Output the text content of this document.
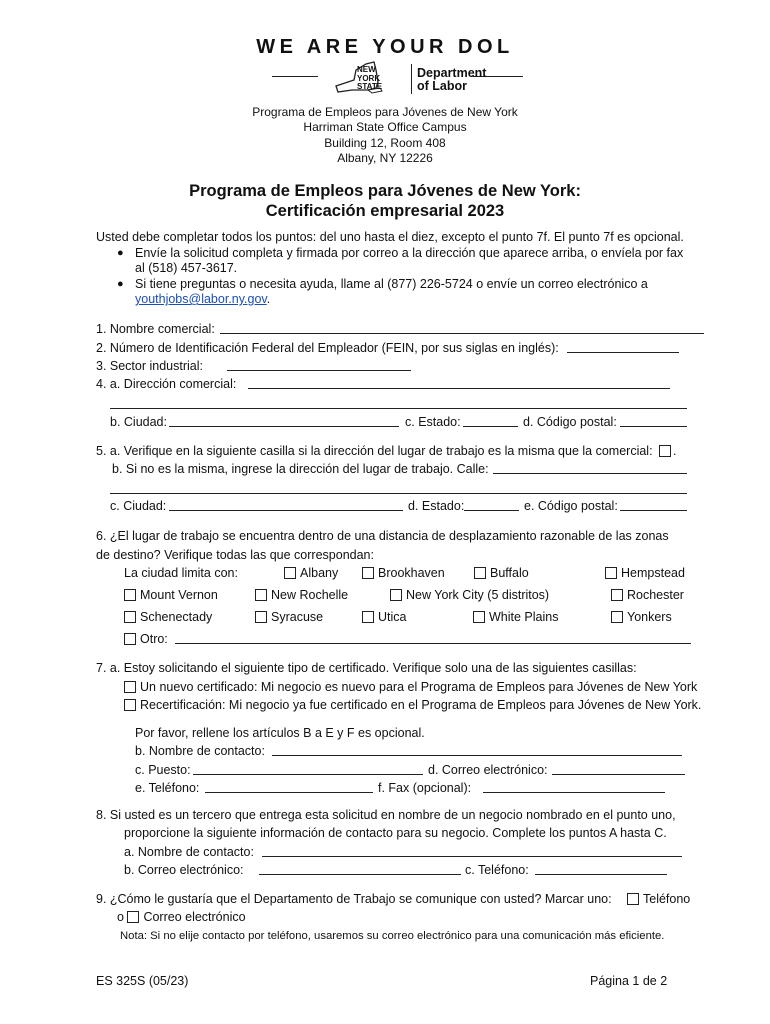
WE ARE YOUR DOL
NEW
YORK
STATE
Department
of Labor
Programa de Empleos para Jóvenes de New York
Harriman State Office Campus
Building 12, Room 408
Albany, NY 12226
Programa de Empleos para Jóvenes de New York:
Certificación empresarial 2023
Usted debe completar todos los puntos: del uno hasta el diez, excepto el punto 7f. El punto 7f es opcional.
● Envíe la solicitud completa y firmada por correo a la dirección que aparece arriba, o envíela por fax
al (518) 457-3617.
● Si tiene preguntas o necesita ayuda, llame al (877) 226-5724 o envíe un correo electrónico a
youthjobs@labor.ny.gov.
1. Nombre comercial:
2. Número de Identificación Federal del Empleador (FEIN, por sus siglas en inglés):
3. Sector industrial:
4. a. Dirección comercial:
b. Ciudad:	c. Estado:	d. Código postal:
5. a. Verifique en la siguiente casilla si la dirección del lugar de trabajo es la misma que la comercial: .
b. Si no es la misma, ingrese la dirección del lugar de trabajo. Calle:
c. Ciudad:	d. Estado:	e. Código postal:
6. ¿El lugar de trabajo se encuentra dentro de una distancia de desplazamiento razonable de las zonas
de destino? Verifique todas las que correspondan:
La ciudad limita con:	Albany	Brookhaven	Buffalo	Hempstead
Mount Vernon	New Rochelle	New York City (5 distritos)	Rochester
Schenectady	Syracuse	Utica	White Plains	Yonkers
Otro:
7. a. Estoy solicitando el siguiente tipo de certificado. Verifique solo una de las siguientes casillas:
Un nuevo certificado: Mi negocio es nuevo para el Programa de Empleos para Jóvenes de New York
Recertificación: Mi negocio ya fue certificado en el Programa de Empleos para Jóvenes de New York.
Por favor, rellene los artículos B a E y F es opcional.
b. Nombre de contacto:
c. Puesto:	d. Correo electrónico:
e. Teléfono:	f. Fax (opcional):
8. Si usted es un tercero que entrega esta solicitud en nombre de un negocio nombrado en el punto uno,
proporcione la siguiente información de contacto para su negocio. Complete los puntos A hasta C.
a. Nombre de contacto:
b. Correo electrónico:	c. Teléfono:
9. ¿Cómo le gustaría que el Departamento de Trabajo se comunique con usted? Marcar uno:	Teléfono
o Correo electrónico
Nota: Si no elije contacto por teléfono, usaremos su correo electrónico para una comunicación más eficiente.
ES 325S (05/23)	Página 1 de 2
